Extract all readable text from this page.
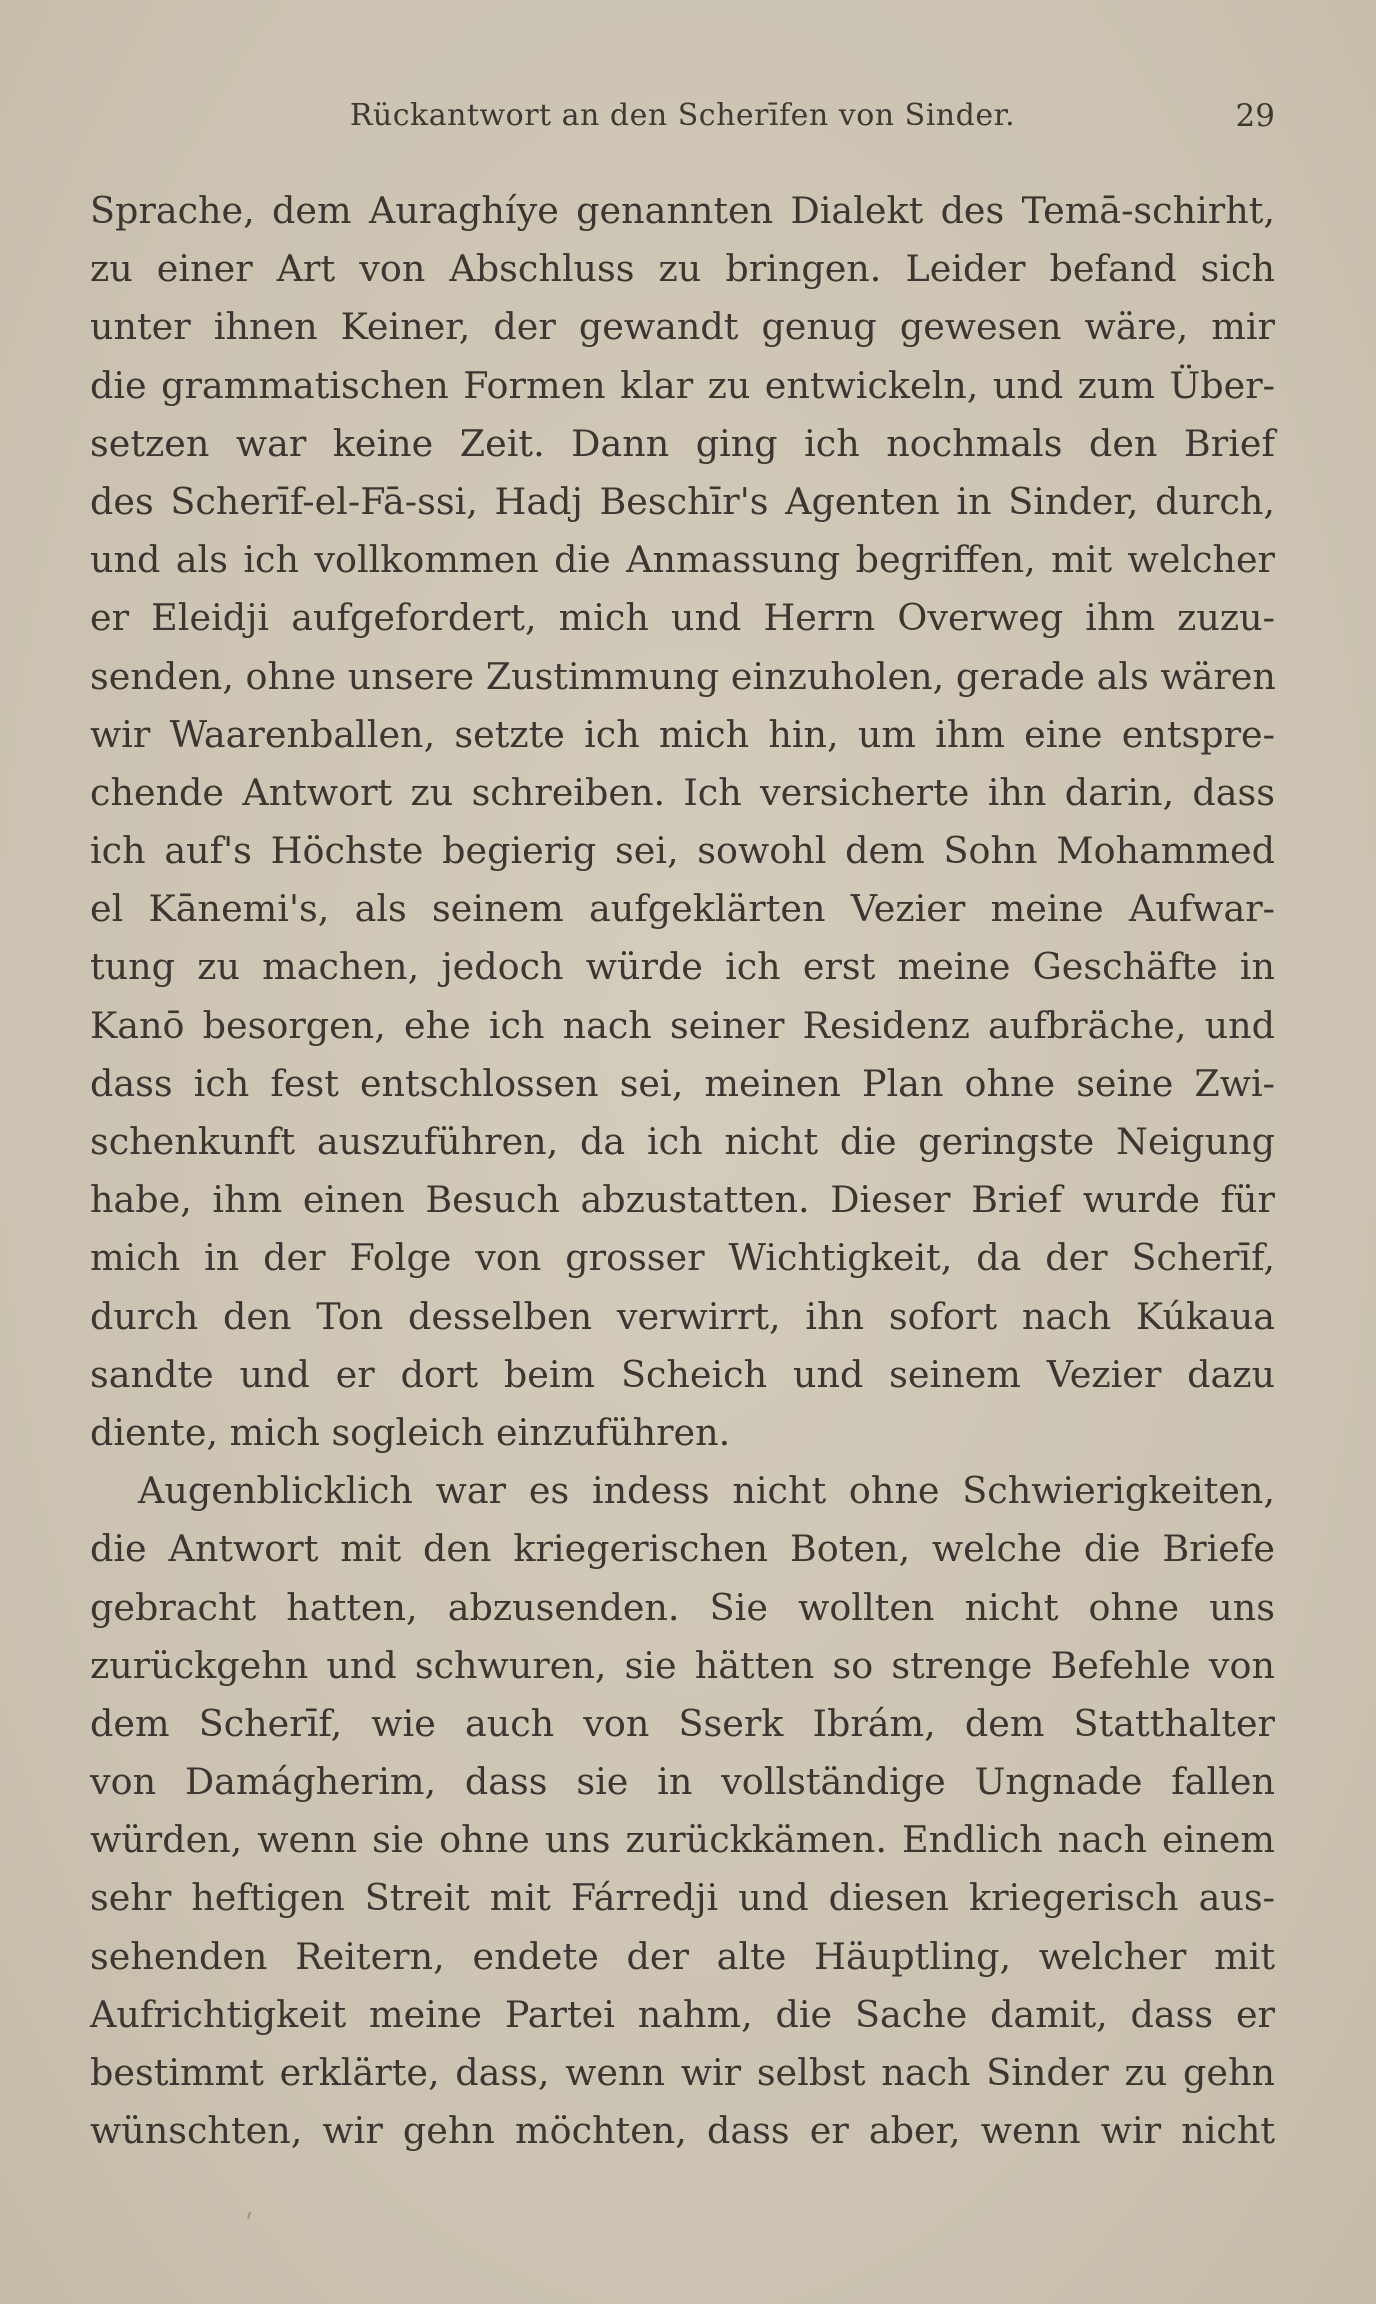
Rückantwort an den Scherīfen von Sinder.	29
Sprache, dem Auraghíye genannten Dialekt des Temā-schirht,
zu einer Art von Abschluss zu bringen. Leider befand sich
unter ihnen Keiner, der gewandt genug gewesen wäre, mir
die grammatischen Formen klar zu entwickeln, und zum Über-
setzen war keine Zeit. Dann ging ich nochmals den Brief
des Scherīf-el-Fā-ssi, Hadj Beschīr's Agenten in Sinder, durch,
und als ich vollkommen die Anmassung begriffen, mit welcher
er Eleidji aufgefordert, mich und Herrn Overweg ihm zuzu-
senden, ohne unsere Zustimmung einzuholen, gerade als wären
wir Waarenballen, setzte ich mich hin, um ihm eine entspre-
chende Antwort zu schreiben. Ich versicherte ihn darin, dass
ich auf's Höchste begierig sei, sowohl dem Sohn Mohammed
el Kānemi's, als seinem aufgeklärten Vezier meine Aufwar-
tung zu machen, jedoch würde ich erst meine Geschäfte in
Kanō besorgen, ehe ich nach seiner Residenz aufbräche, und
dass ich fest entschlossen sei, meinen Plan ohne seine Zwi-
schenkunft auszuführen, da ich nicht die geringste Neigung
habe, ihm einen Besuch abzustatten. Dieser Brief wurde für
mich in der Folge von grosser Wichtigkeit, da der Scherīf,
durch den Ton desselben verwirrt, ihn sofort nach Kúkaua
sandte und er dort beim Scheich und seinem Vezier dazu
diente, mich sogleich einzuführen.
Augenblicklich war es indess nicht ohne Schwierigkeiten,
die Antwort mit den kriegerischen Boten, welche die Briefe
gebracht hatten, abzusenden. Sie wollten nicht ohne uns
zurückgehn und schwuren, sie hätten so strenge Befehle von
dem Scherīf, wie auch von Sserk Ibrám, dem Statthalter
von Damágherim, dass sie in vollständige Ungnade fallen
würden, wenn sie ohne uns zurückkämen. Endlich nach einem
sehr heftigen Streit mit Fárredji und diesen kriegerisch aus-
sehenden Reitern, endete der alte Häuptling, welcher mit
Aufrichtigkeit meine Partei nahm, die Sache damit, dass er
bestimmt erklärte, dass, wenn wir selbst nach Sinder zu gehn
wünschten, wir gehn möchten, dass er aber, wenn wir nicht
